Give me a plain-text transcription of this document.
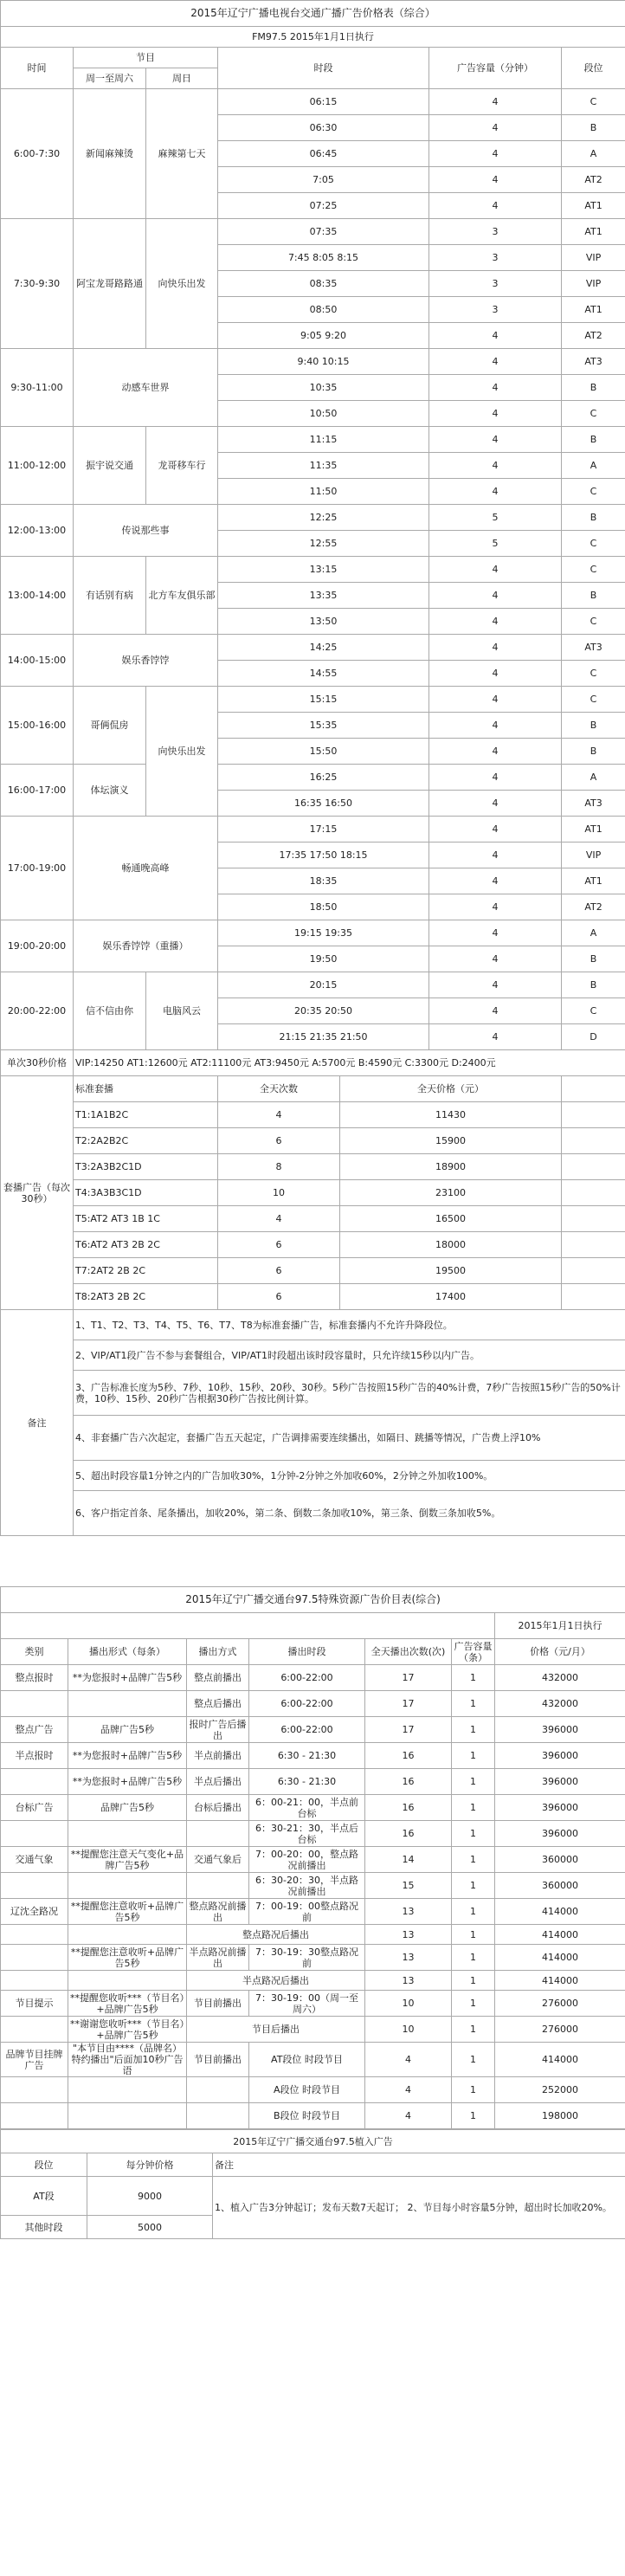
2015年辽宁广播电视台交通广播广告价格表（综合）						
FM97.5 2015年1月1日执行						
时间	节目		时段		广告容量（分钟）	段位
	周一至周六	周日				
6:00-7:30	新闻麻辣烫	麻辣第七天	06:15		4	C
			06:30		4	B
			06:45		4	A
			7:05		4	AT2
			07:25		4	AT1
7:30-9:30	阿宝龙哥路路通	向快乐出发	07:35		3	AT1
			7:45 8:05 8:15		3	VIP
			08:35		3	VIP
			08:50		3	AT1
			9:05 9:20		4	AT2
9:30-11:00	动感车世界		9:40 10:15		4	AT3
			10:35		4	B
			10:50		4	C
11:00-12:00	振宇说交通	龙哥移车行	11:15		4	B
			11:35		4	A
			11:50		4	C
12:00-13:00	传说那些事		12:25		5	B
			12:55		5	C
13:00-14:00	有话别有病	北方车友俱乐部	13:15		4	C
			13:35		4	B
			13:50		4	C
14:00-15:00	娱乐香饽饽		14:25		4	AT3
			14:55		4	C
15:00-16:00	哥俩侃房	向快乐出发	15:15		4	C
			15:35		4	B
			15:50		4	B
16:00-17:00	体坛演义		16:25		4	A
			16:35 16:50		4	AT3
17:00-19:00	畅通晚高峰		17:15		4	AT1
			17:35 17:50 18:15		4	VIP
			18:35		4	AT1
			18:50		4	AT2
19:00-20:00	娱乐香饽饽（重播）		19:15 19:35		4	A
			19:50		4	B
20:00-22:00	信不信由你	电脑风云	20:15		4	B
			20:35 20:50		4	C
			21:15 21:35 21:50		4	D
单次30秒价格	VIP:14250 AT1:12600元 AT2:11100元 AT3:9450元 A:5700元 B:4590元 C:3300元 D:2400元					
套播广告（每次30秒）	标准套播		全天次数	全天价格（元）		
	T1:1A1B2C		4	11430		
	T2:2A2B2C		6	15900		
	T3:2A3B2C1D		8	18900		
	T4:3A3B3C1D		10	23100		
	T5:AT2 AT3 1B 1C		4	16500		
	T6:AT2 AT3 2B 2C		6	18000		
	T7:2AT2 2B 2C		6	19500		
	T8:2AT3 2B 2C		6	17400		
备注	1、T1、T2、T3、T4、T5、T6、T7、T8为标准套播广告，标准套播内不允许升降段位。					
	2、VIP/AT1段广告不参与套餐组合，VIP/AT1时段超出该时段容量时，只允许续15秒以内广告。					
	3、广告标准长度为5秒、7秒、10秒、15秒、20秒、30秒。5秒广告按照15秒广告的40%计费，7秒广告按照15秒广告的50%计费，10秒、15秒、20秒广告根据30秒广告按比例计算。					
	4、非套播广告六次起定，套播广告五天起定，广告调排需要连续播出，如隔日、跳播等情况，广告费上浮10%					
	5、超出时段容量1分钟之内的广告加收30%，1分钟-2分钟之外加收60%，2分钟之外加收100%。					
	6、客户指定首条、尾条播出，加收20%，第二条、倒数二条加收10%，第三条、倒数三条加收5%。					
2015年辽宁广播交通台97.5特殊资源广告价目表(综合)						
						2015年1月1日执行
类别	播出形式（每条）	播出方式	播出时段	全天播出次数(次)	广告容量（条）	价格（元/月）
整点报时	**为您报时+品牌广告5秒	整点前播出	6:00-22:00	17	1	432000
		整点后播出	6:00-22:00	17	1	432000
整点广告	品牌广告5秒	报时广告后播出	6:00-22:00	17	1	396000
半点报时	**为您报时+品牌广告5秒	半点前播出	6:30 - 21:30	16	1	396000
	**为您报时+品牌广告5秒	半点后播出	6:30 - 21:30	16	1	396000
台标广告	品牌广告5秒	台标后播出	6：00-21：00，半点前台标	16	1	396000
			6：30-21：30，半点后台标	16	1	396000
交通气象	**提醒您注意天气变化+品牌广告5秒	交通气象后	7：00-20：00，整点路况前播出	14	1	360000
			6：30-20：30，半点路况前播出	15	1	360000
辽沈全路况	**提醒您注意收听+品牌广告5秒	整点路况前播出	7：00-19：00整点路况前	13	1	414000
		整点路况后播出		13	1	414000
	**提醒您注意收听+品牌广告5秒	半点路况前播出	7：30-19：30整点路况前	13	1	414000
		半点路况后播出		13	1	414000
节目提示	**提醒您收听***（节目名）+品牌广告5秒	节目前播出	7：30-19：00（周一至周六）	10	1	276000
	**谢谢您收听***（节目名）+品牌广告5秒	节目后播出		10	1	276000
品牌节目挂牌广告	"本节目由****（品牌名）特约播出"后面加10秒广告语	节目前播出	AT段位 时段节目	4	1	414000
			A段位 时段节目	4	1	252000
			B段位 时段节目	4	1	198000
2015年辽宁广播交通台97.5植入广告		
段位	每分钟价格	备注
AT段	9000	1、植入广告3分钟起订；发布天数7天起订； 2、节目每小时容量5分钟，超出时长加收20%。
其他时段	5000	
